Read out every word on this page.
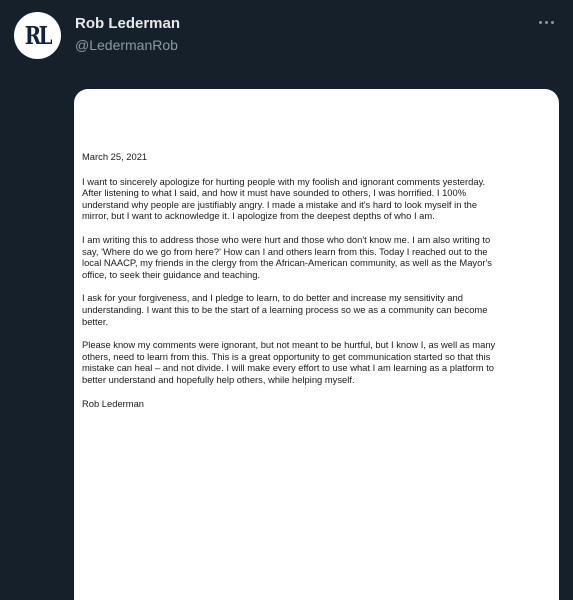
RL Rob Lederman
@LedermanRob

March 25, 2021

I want to sincerely apologize for hurting people with my foolish and ignorant comments yesterday. After listening to what I said, and how it must have sounded to others, I was horrified. I 100% understand why people are justifiably angry. I made a mistake and it's hard to look myself in the mirror, but I want to acknowledge it. I apologize from the deepest depths of who I am.

I am writing this to address those who were hurt and those who don't know me. I am also writing to say, 'Where do we go from here?' How can I and others learn from this. Today I reached out to the local NAACP, my friends in the clergy from the African-American community, as well as the Mayor's office, to seek their guidance and teaching.

I ask for your forgiveness, and I pledge to learn, to do better and increase my sensitivity and understanding. I want this to be the start of a learning process so we as a community can become better.

Please know my comments were ignorant, but not meant to be hurtful, but I know I, as well as many others, need to learn from this. This is a great opportunity to get communication started so that this mistake can heal – and not divide. I will make every effort to use what I am learning as a platform to better understand and hopefully help others, while helping myself.

Rob Lederman
